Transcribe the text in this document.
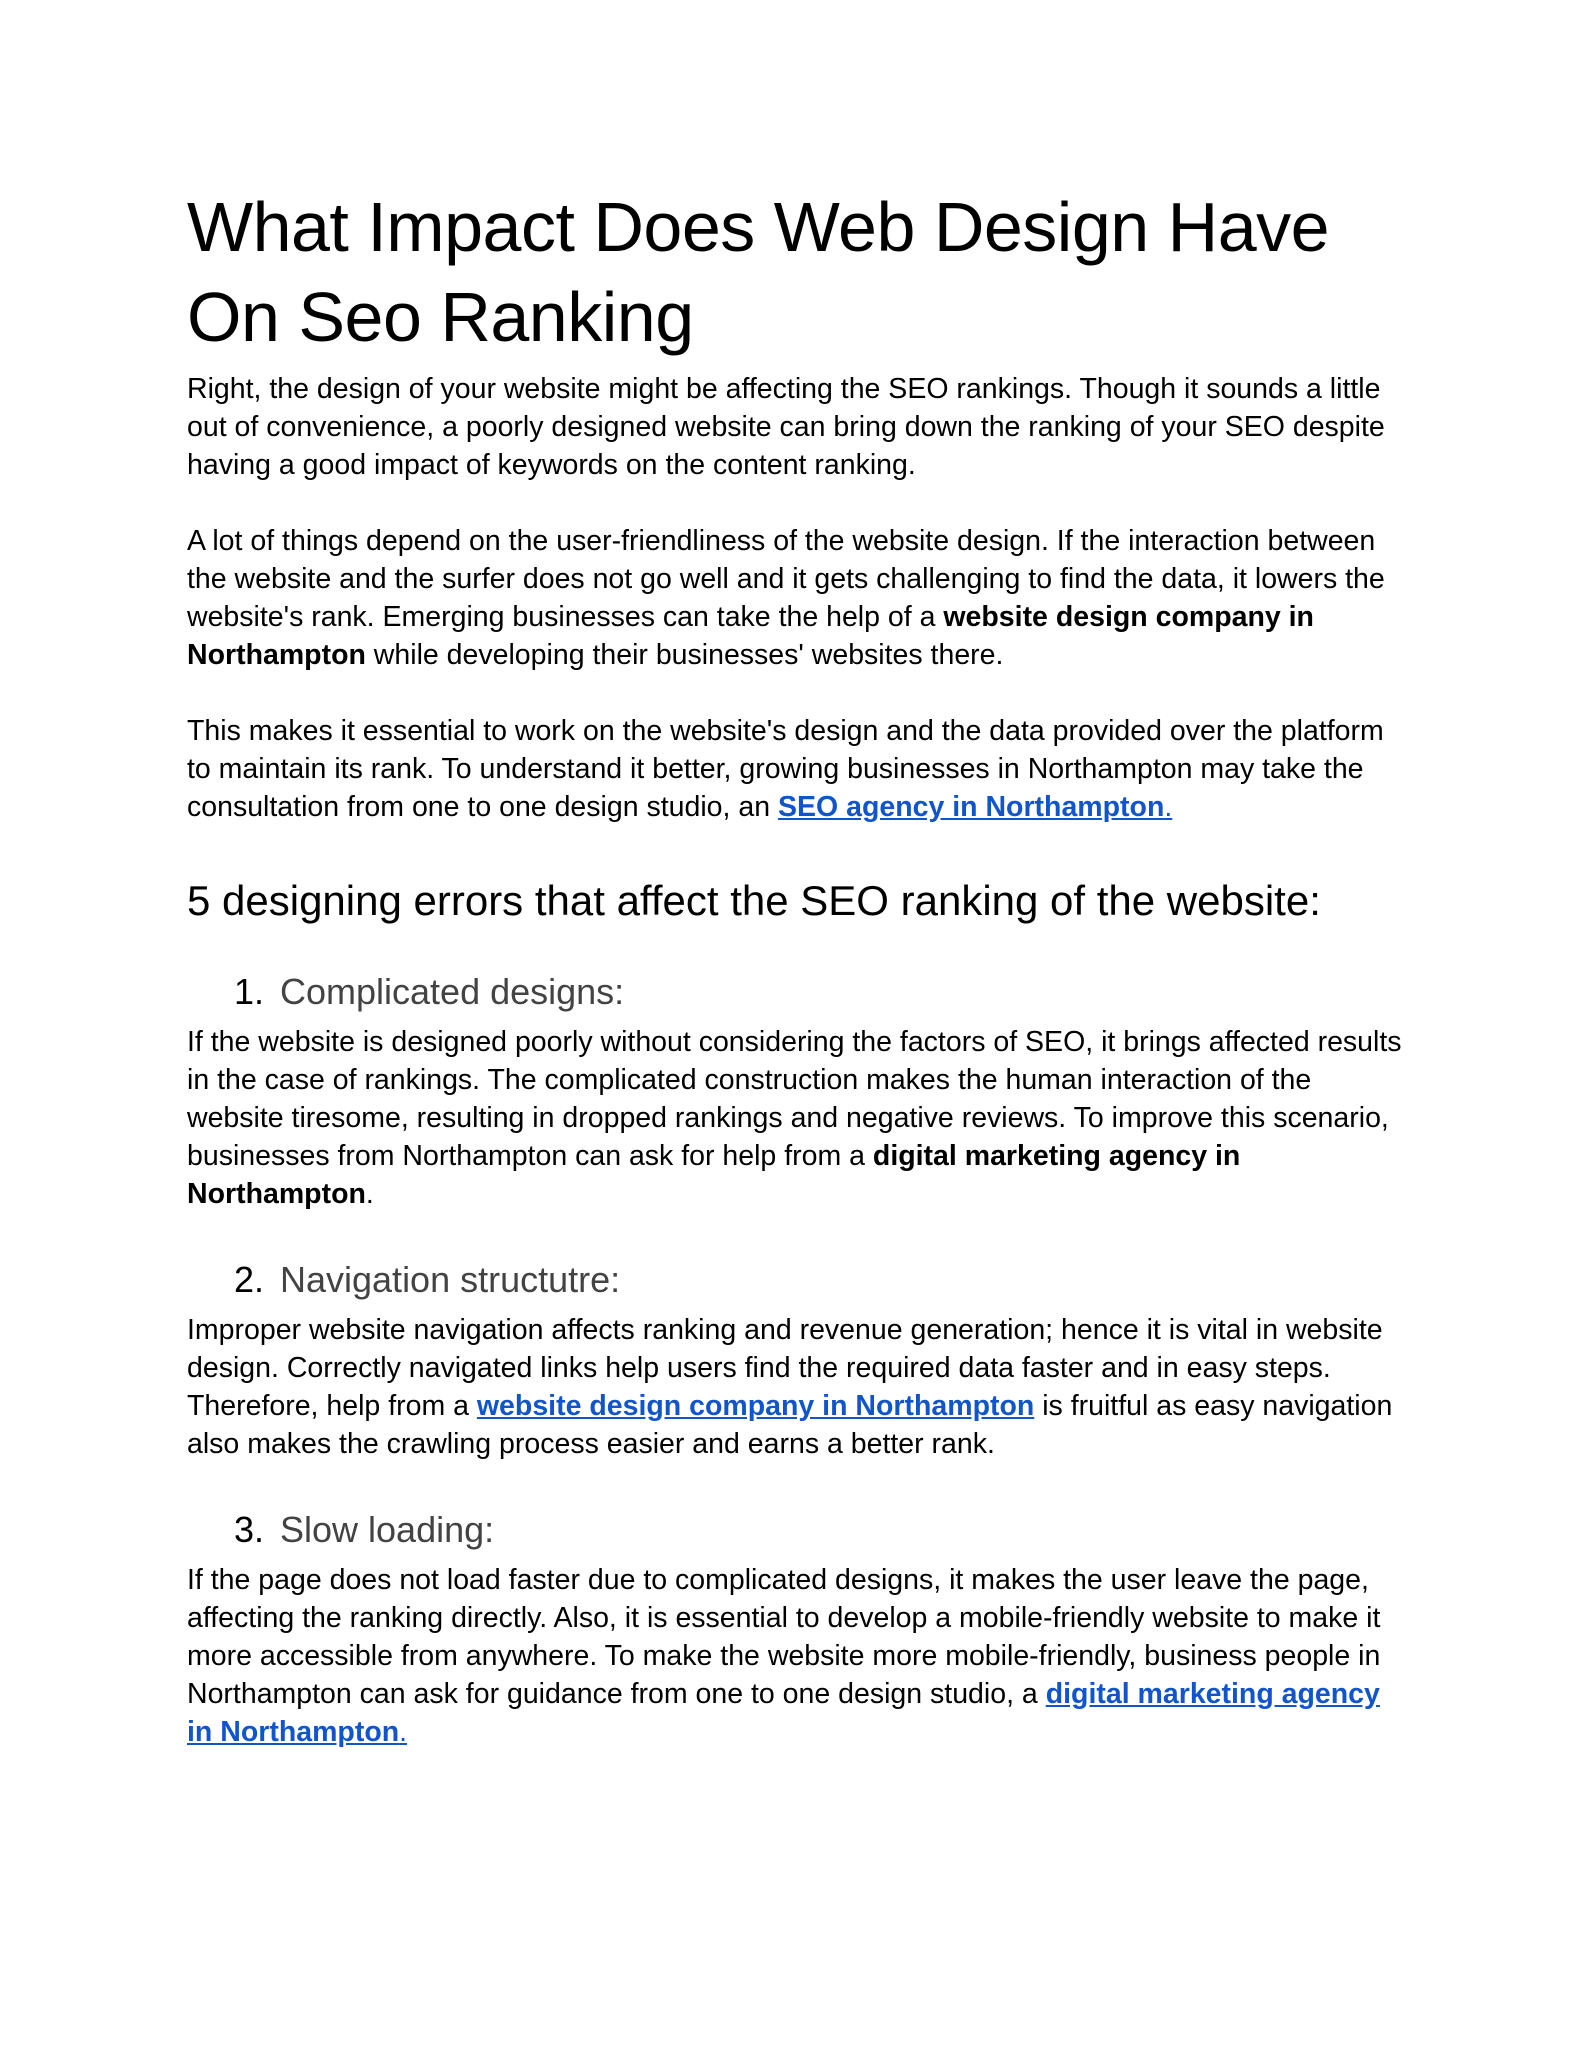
What Impact Does Web Design Have On Seo Ranking

Right, the design of your website might be affecting the SEO rankings. Though it sounds a little out of convenience, a poorly designed website can bring down the ranking of your SEO despite having a good impact of keywords on the content ranking.

A lot of things depend on the user-friendliness of the website design. If the interaction between the website and the surfer does not go well and it gets challenging to find the data, it lowers the website's rank. Emerging businesses can take the help of a website design company in Northampton while developing their businesses' websites there.

This makes it essential to work on the website's design and the data provided over the platform to maintain its rank. To understand it better, growing businesses in Northampton may take the consultation from one to one design studio, an SEO agency in Northampton.

5 designing errors that affect the SEO ranking of the website:
1. Complicated designs:

If the website is designed poorly without considering the factors of SEO, it brings affected results in the case of rankings. The complicated construction makes the human interaction of the website tiresome, resulting in dropped rankings and negative reviews. To improve this scenario, businesses from Northampton can ask for help from a digital marketing agency in Northampton.

2. Navigation structutre:

Improper website navigation affects ranking and revenue generation; hence it is vital in website design. Correctly navigated links help users find the required data faster and in easy steps. Therefore, help from a website design company in Northampton is fruitful as easy navigation also makes the crawling process easier and earns a better rank.

3. Slow loading:

If the page does not load faster due to complicated designs, it makes the user leave the page, affecting the ranking directly. Also, it is essential to develop a mobile-friendly website to make it more accessible from anywhere. To make the website more mobile-friendly, business people in Northampton can ask for guidance from one to one design studio, a digital marketing agency in Northampton.
